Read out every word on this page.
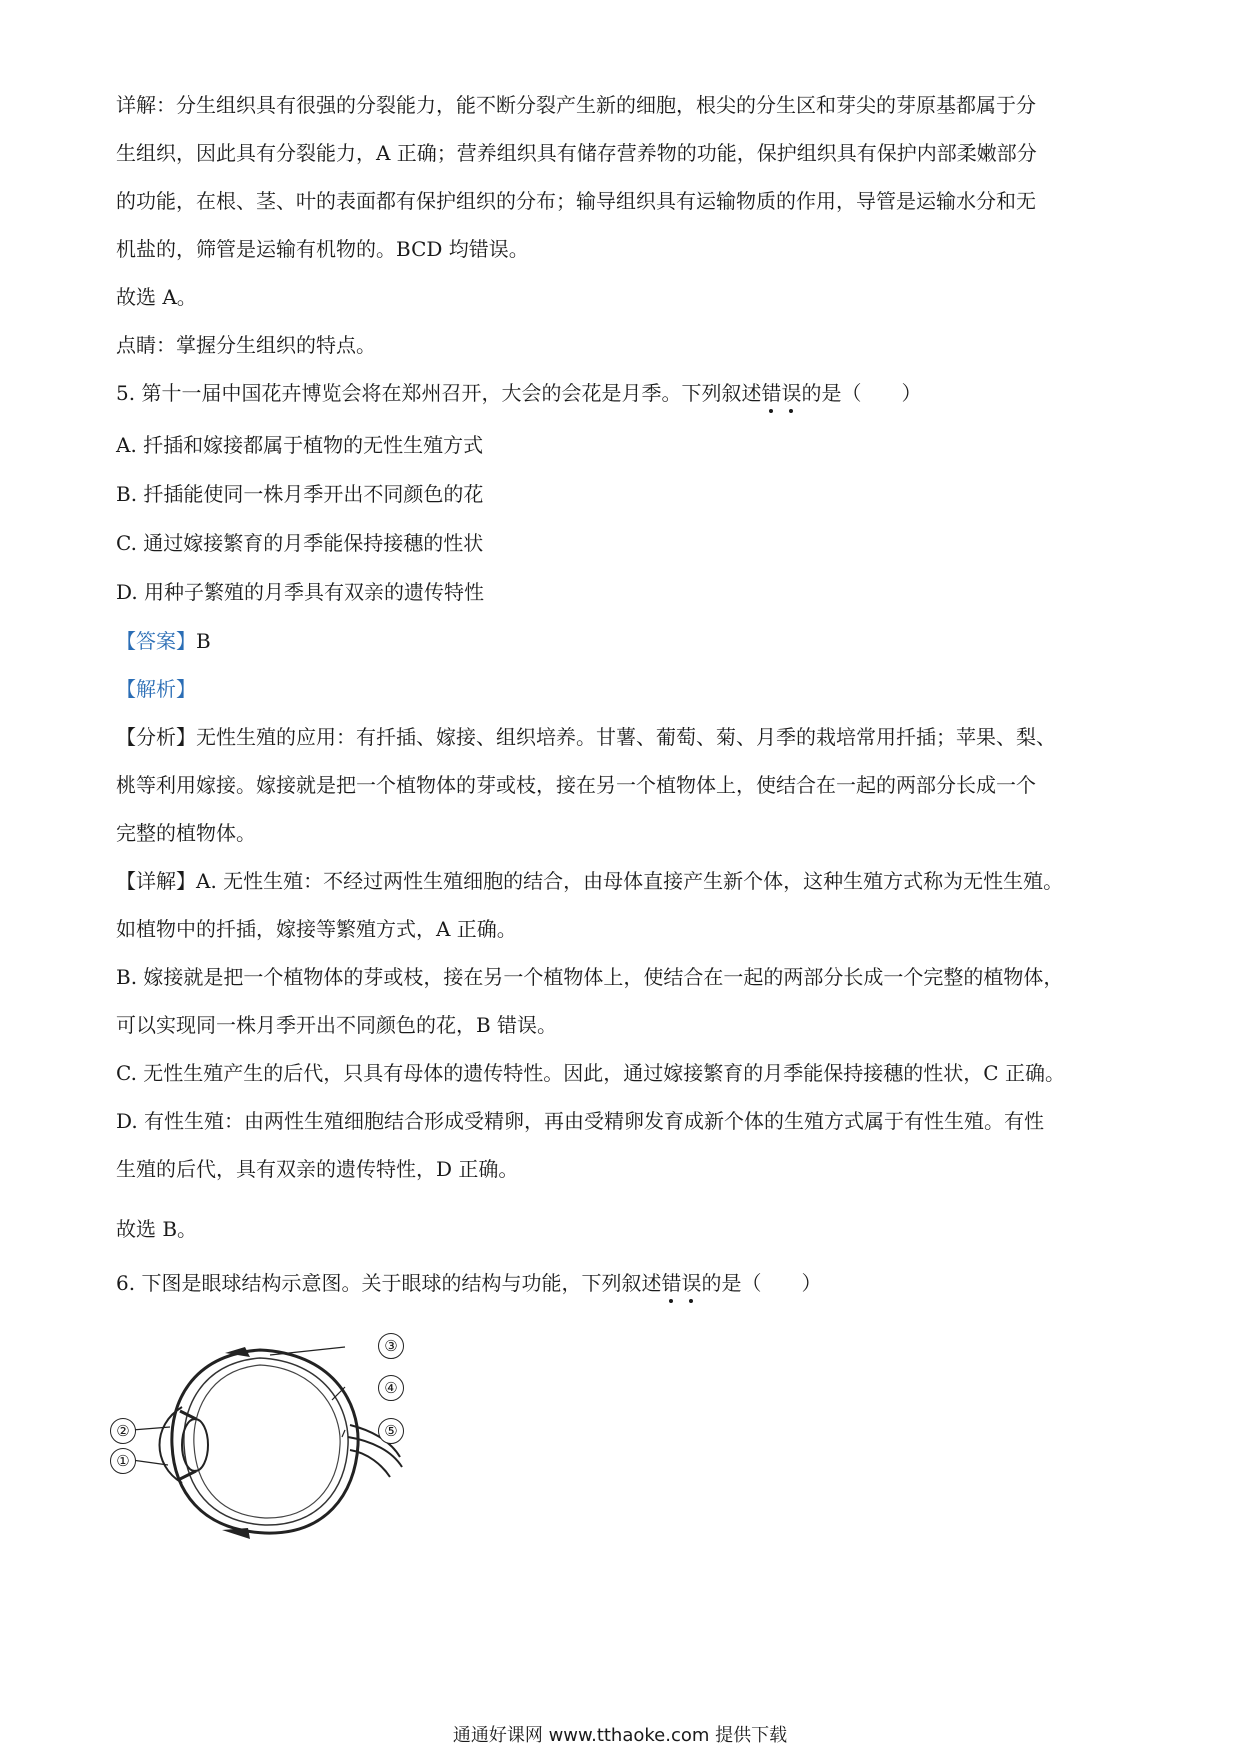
详解：分生组织具有很强的分裂能力，能不断分裂产生新的细胞，根尖的分生区和芽尖的芽原基都属于分
生组织，因此具有分裂能力，A 正确；营养组织具有储存营养物的功能，保护组织具有保护内部柔嫩部分
的功能，在根、茎、叶的表面都有保护组织的分布；输导组织具有运输物质的作用，导管是运输水分和无
机盐的，筛管是运输有机物的。BCD 均错误。
故选 A。
点睛：掌握分生组织的特点。
5. 第十一届中国花卉博览会将在郑州召开，大会的会花是月季。下列叙述错误的是（　　）
A. 扦插和嫁接都属于植物的无性生殖方式
B. 扦插能使同一株月季开出不同颜色的花
C. 通过嫁接繁育的月季能保持接穗的性状
D. 用种子繁殖的月季具有双亲的遗传特性
【答案】B
【解析】
【分析】无性生殖的应用：有扦插、嫁接、组织培养。甘薯、葡萄、菊、月季的栽培常用扦插；苹果、梨、
桃等利用嫁接。嫁接就是把一个植物体的芽或枝，接在另一个植物体上，使结合在一起的两部分长成一个
完整的植物体。
【详解】A. 无性生殖：不经过两性生殖细胞的结合，由母体直接产生新个体，这种生殖方式称为无性生殖。
如植物中的扦插，嫁接等繁殖方式，A 正确。
B. 嫁接就是把一个植物体的芽或枝，接在另一个植物体上，使结合在一起的两部分长成一个完整的植物体，
可以实现同一株月季开出不同颜色的花，B 错误。
C. 无性生殖产生的后代，只具有母体的遗传特性。因此，通过嫁接繁育的月季能保持接穗的性状，C 正确。
D. 有性生殖：由两性生殖细胞结合形成受精卵，再由受精卵发育成新个体的生殖方式属于有性生殖。有性
生殖的后代，具有双亲的遗传特性，D 正确。
故选 B。
6. 下图是眼球结构示意图。关于眼球的结构与功能，下列叙述错误的是（　　）
③
④
⑤
②
①
通通好课网 www.tthaoke.com 提供下载
